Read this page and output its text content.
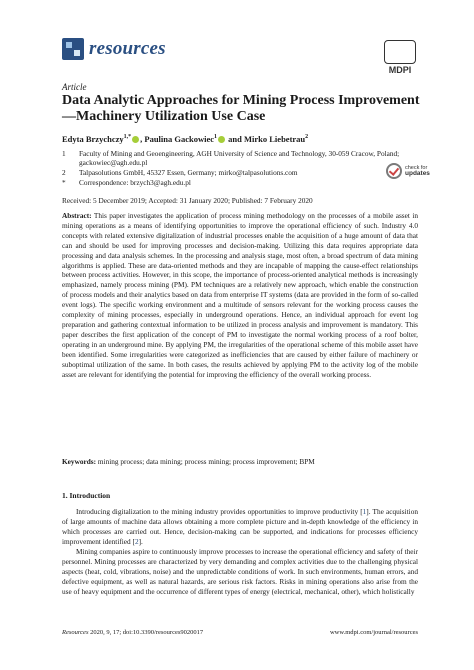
resources
MDPI
Article
Data Analytic Approaches for Mining Process Improvement—Machinery Utilization Use Case
Edyta Brzychczy$^{1,*}$ , Paulina Gackowiec$^1$ and Mirko Liebetrau$^2$
1 Faculty of Mining and Geoengineering, AGH University of Science and Technology, 30-059 Cracow, Poland; gackowiec@agh.edu.pl
2 Talpasolutions GmbH, 45327 Essen, Germany; mirko@talpasolutions.com
* Correspondence: brzych3@agh.edu.pl
check for
updates
Received: 5 December 2019; Accepted: 31 January 2020; Published: 7 February 2020
Abstract: This paper investigates the application of process mining methodology on the processes of a mobile asset in mining operations as a means of identifying opportunities to improve the operational efficiency of such. Industry 4.0 concepts with related extensive digitalization of industrial processes enable the acquisition of a huge amount of data that can and should be used for improving processes and decision-making. Utilizing this data requires appropriate data processing and data analysis schemes. In the processing and analysis stage, most often, a broad spectrum of data mining algorithms is applied. These are data-oriented methods and they are incapable of mapping the cause-effect relationships between process activities. However, in this scope, the importance of process-oriented analytical methods is increasingly emphasized, namely process mining (PM). PM techniques are a relatively new approach, which enable the construction of process models and their analytics based on data from enterprise IT systems (data are provided in the form of so-called event logs). The specific working environment and a multitude of sensors relevant for the working process causes the complexity of mining processes, especially in underground operations. Hence, an individual approach for event log preparation and gathering contextual information to be utilized in process analysis and improvement is mandatory. This paper describes the first application of the concept of PM to investigate the normal working process of a roof bolter, operating in an underground mine. By applying PM, the irregularities of the operational scheme of this mobile asset have been identified. Some irregularities were categorized as inefficiencies that are caused by either failure of machinery or suboptimal utilization of the same. In both cases, the results achieved by applying PM to the activity log of the mobile asset are relevant for identifying the potential for improving the efficiency of the overall working process.
Keywords: mining process; data mining; process mining; process improvement; BPM
1. Introduction

Introducing digitalization to the mining industry provides opportunities to improve productivity [1]. The acquisition of large amounts of machine data allows obtaining a more complete picture and in-depth knowledge of the efficiency in which processes are carried out. Hence, decision-making can be supported, and indications for processes efficiency improvement identified [2].

Mining companies aspire to continuously improve processes to increase the operational efficiency and safety of their personnel. Mining processes are characterized by very demanding and complex activities due to the challenging physical aspects (heat, cold, vibrations, noise) and the unpredictable conditions of work. In such environments, human errors, and defective equipment, as well as natural hazards, are serious risk factors. Risks in mining operations also arise from the use of heavy equipment and the occurrence of different types of energy (electrical, mechanical, other), which holistically

Resources 2020, 9, 17; doi:10.3390/resources9020017	www.mdpi.com/journal/resources
